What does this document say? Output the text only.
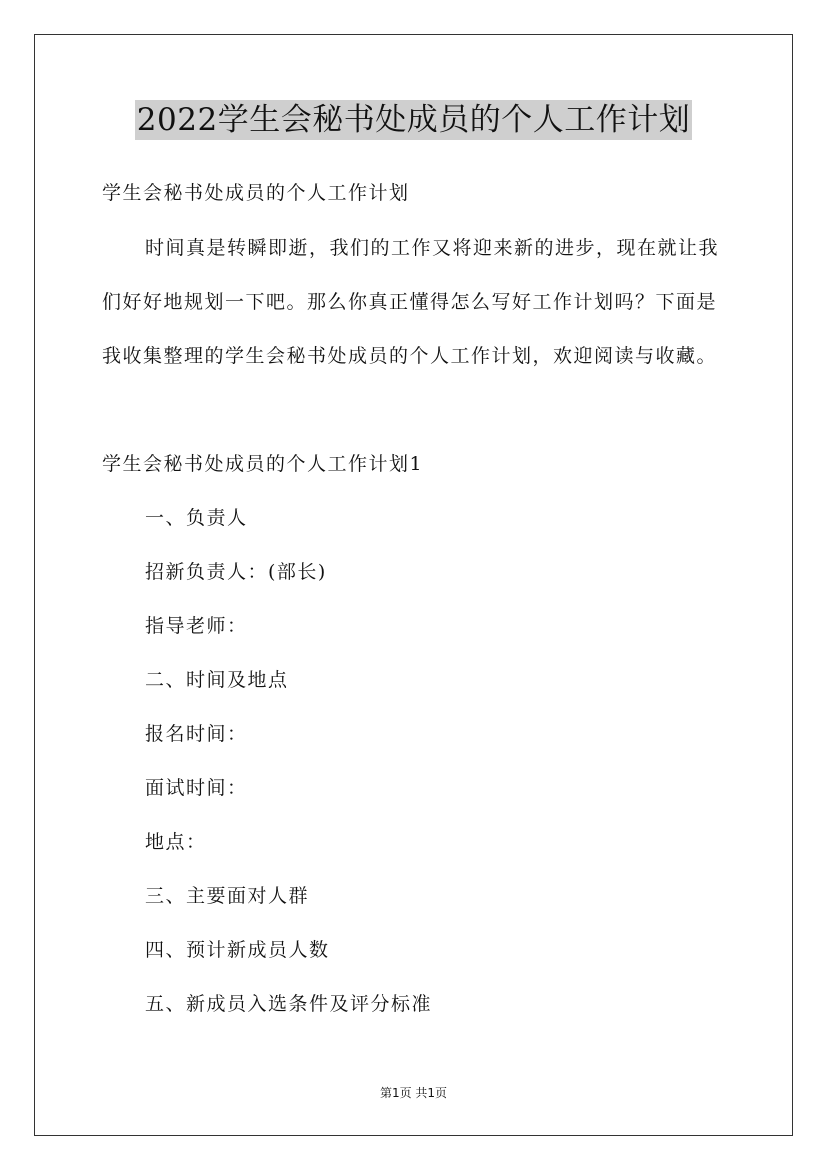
2022学生会秘书处成员的个人工作计划
学生会秘书处成员的个人工作计划
时间真是转瞬即逝，我们的工作又将迎来新的进步，现在就让我
们好好地规划一下吧。那么你真正懂得怎么写好工作计划吗？下面是
我收集整理的学生会秘书处成员的个人工作计划，欢迎阅读与收藏。
学生会秘书处成员的个人工作计划1
一、负责人
招新负责人：(部长)
指导老师：
二、时间及地点
报名时间：
面试时间：
地点：
三、主要面对人群
四、预计新成员人数
五、新成员入选条件及评分标准
第1页 共1页
